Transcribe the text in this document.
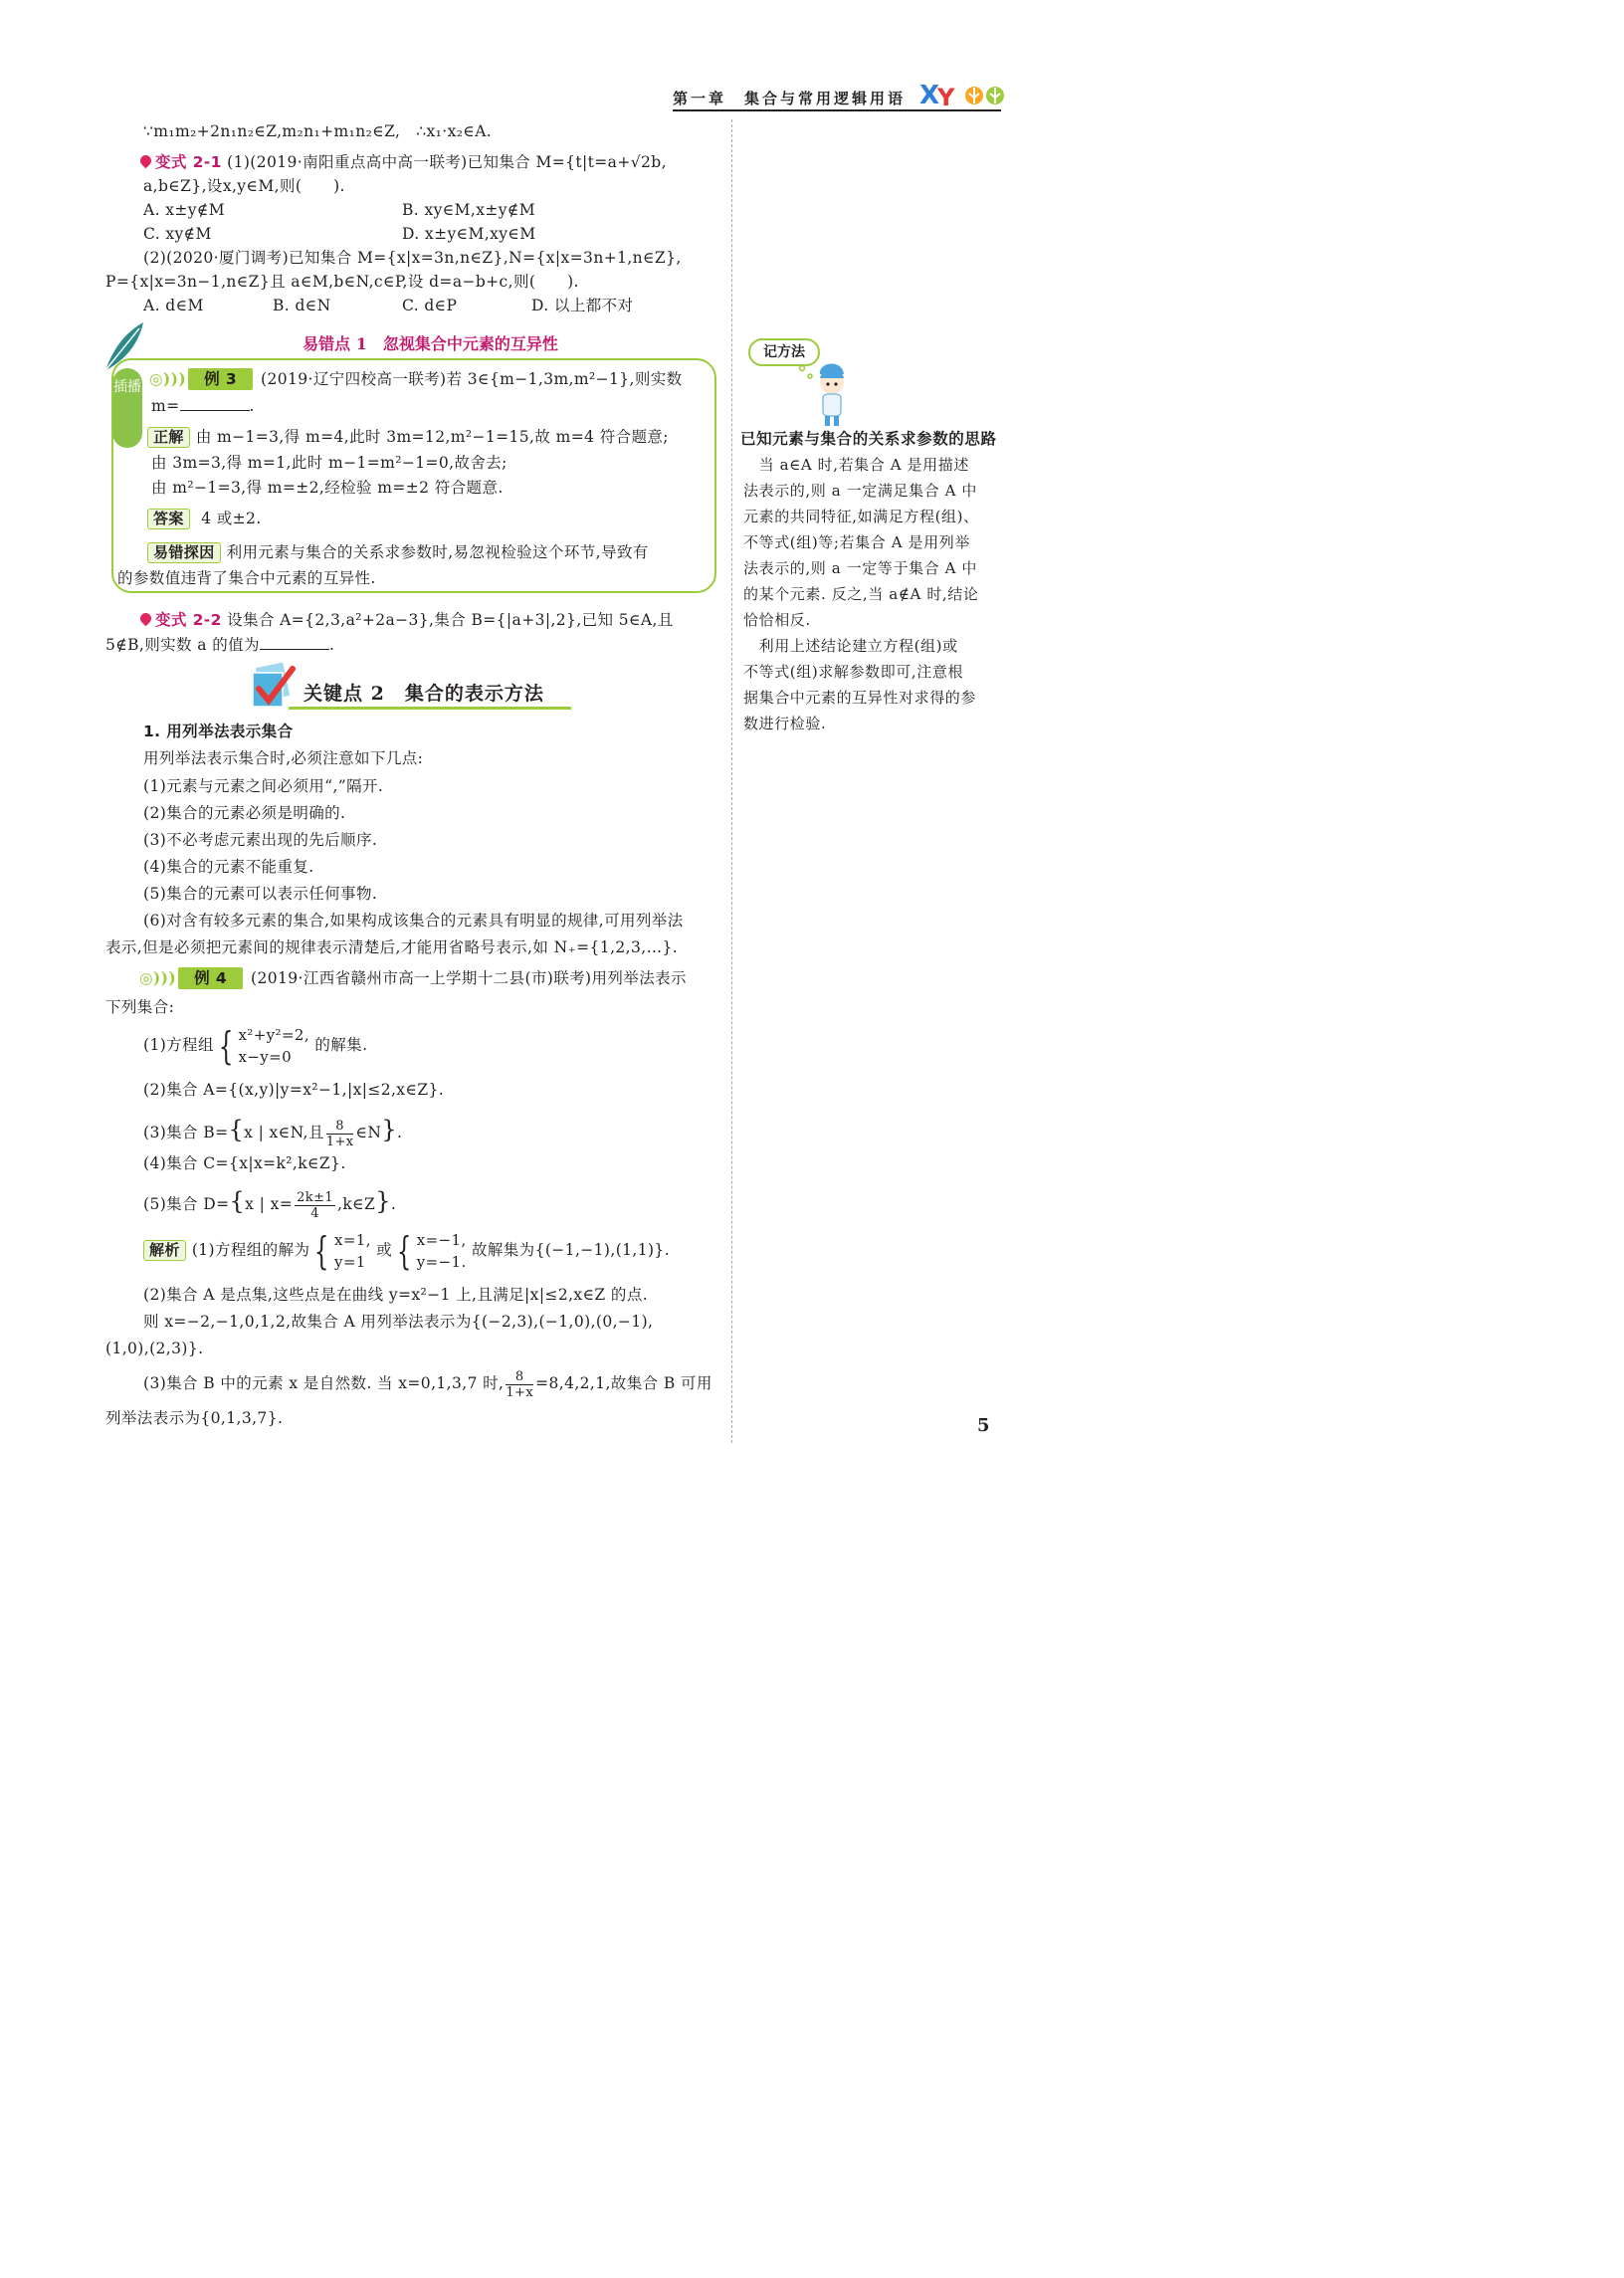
第一章　集合与常用逻辑用语 X
Y
∵m₁m₂+2n₁n₂∈Z,m₂n₁+m₁n₂∈Z,　∴x₁·x₂∈A.
变式 2-1 (1)(2019·南阳重点高中高一联考)已知集合 M={t|t=a+√2b,
a,b∈Z},设x,y∈M,则(　　).
A. x±y∉M	B. xy∈M,x±y∉M
C. xy∉M	D. x±y∈M,xy∈M
(2)(2020·厦门调考)已知集合 M={x|x=3n,n∈Z},N={x|x=3n+1,n∈Z},
P={x|x=3n−1,n∈Z}且 a∈M,b∈N,c∈P,设 d=a−b+c,则(　　).
A. d∈M	B. d∈N	C. d∈P	D. 以上都不对
易错点 1　忽视集合中元素的互异性
插播 ◎))) 例 3 (2019·辽宁四校高一联考)若 3∈{m−1,3m,m²−1},则实数
m=	.
正解 由 m−1=3,得 m=4,此时 3m=12,m²−1=15,故 m=4 符合题意;
由 3m=3,得 m=1,此时 m−1=m²−1=0,故舍去;
由 m²−1=3,得 m=±2,经检验 m=±2 符合题意.
答案 4 或±2.
易错探因 利用元素与集合的关系求参数时,易忽视检验这个环节,导致有
的参数值违背了集合中元素的互异性.
变式 2-2 设集合 A={2,3,a²+2a−3},集合 B={|a+3|,2},已知 5∈A,且
5∉B,则实数 a 的值为	.
关键点 2　集合的表示方法
1. 用列举法表示集合
用列举法表示集合时,必须注意如下几点:
(1)元素与元素之间必须用“,”隔开.
(2)集合的元素必须是明确的.
(3)不必考虑元素出现的先后顺序.
(4)集合的元素不能重复.
(5)集合的元素可以表示任何事物.
(6)对含有较多元素的集合,如果构成该集合的元素具有明显的规律,可用列举法
表示,但是必须把元素间的规律表示清楚后,才能用省略号表示,如 N₊={1,2,3,…}.
◎))) 例 4 (2019·江西省赣州市高一上学期十二县(市)联考)用列举法表示
下列集合:
(1)方程组 { x²+y²=2,
x−y=0
的解集.
(2)集合 A={(x,y)|y=x²−1,|x|≤2,x∈Z}.
(3)集合 B={x | x∈N,且 $\frac{8}{1+x}$ ∈N}.
(4)集合 C={x|x=k²,k∈Z}.
(5)集合 D={x | $x= \frac{2k\pm 1}{4}$ ,k∈Z}.
解析 (1)方程组的解为 { x=1,
y=1
或 { x=−1,
y=−1.
故解集为{(−1,−1),(1,1)}.
(2)集合 A 是点集,这些点是在曲线 y=x²−1 上,且满足|x|≤2,x∈Z 的点.
则 x=−2,−1,0,1,2,故集合 A 用列举法表示为{(−2,3),(−1,0),(0,−1),
(1,0),(2,3)}.
(3)集合 B 中的元素 x 是自然数. 当 x=0,1,3,7 时, $\frac{8}{1+x} =8,4,2,1$,故集合 B 可用
列举法表示为{0,1,3,7}.
记方法
已知元素与集合的关系求参数的思路
　当 a∈A 时,若集合 A 是用描述
法表示的,则 a 一定满足集合 A 中
元素的共同特征,如满足方程(组)、
不等式(组)等;若集合 A 是用列举
法表示的,则 a 一定等于集合 A 中
的某个元素. 反之,当 a∉A 时,结论
恰恰相反.
　利用上述结论建立方程(组)或
不等式(组)求解参数即可,注意根
据集合中元素的互异性对求得的参
数进行检验.
5
